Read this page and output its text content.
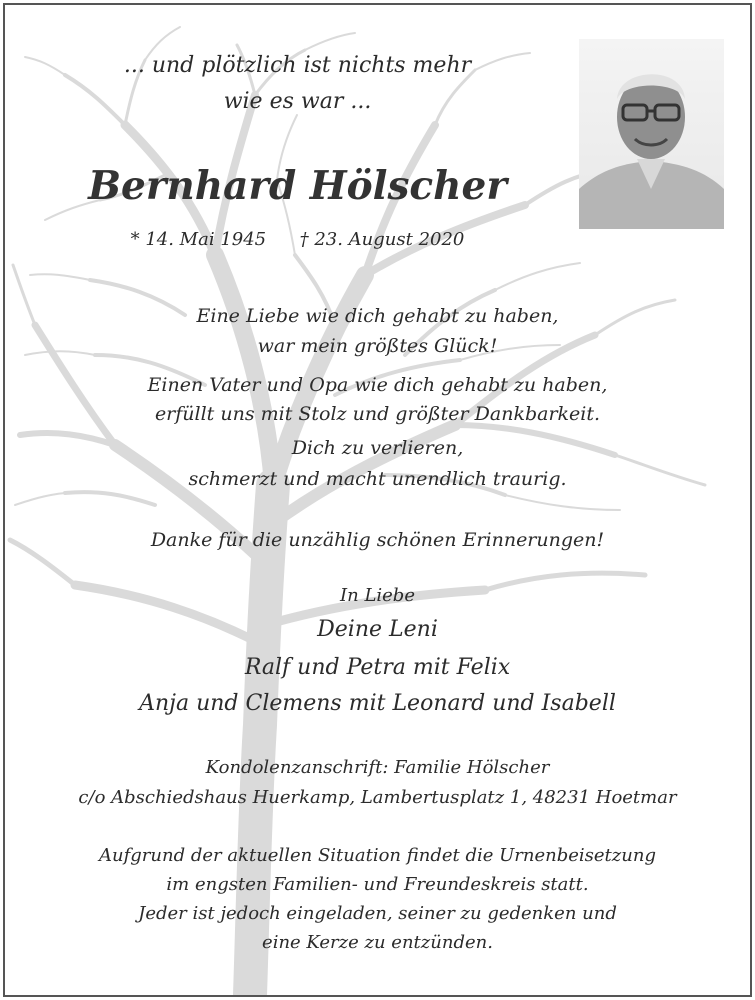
... und plötzlich ist nichts mehr
wie es war ...
Bernhard Hölscher
* 14. Mai 1945 † 23. August 2020
Eine Liebe wie dich gehabt zu haben,
war mein größtes Glück!
Einen Vater und Opa wie dich gehabt zu haben,
erfüllt uns mit Stolz und größter Dankbarkeit.
Dich zu verlieren,
schmerzt und macht unendlich traurig.
Danke für die unzählig schönen Erinnerungen!
In Liebe
Deine Leni
Ralf und Petra mit Felix
Anja und Clemens mit Leonard und Isabell
Kondolenzanschrift: Familie Hölscher
c/o Abschiedshaus Huerkamp, Lambertusplatz 1, 48231 Hoetmar
Aufgrund der aktuellen Situation findet die Urnenbeisetzung
im engsten Familien- und Freundeskreis statt.
Jeder ist jedoch eingeladen, seiner zu gedenken und
eine Kerze zu entzünden.
